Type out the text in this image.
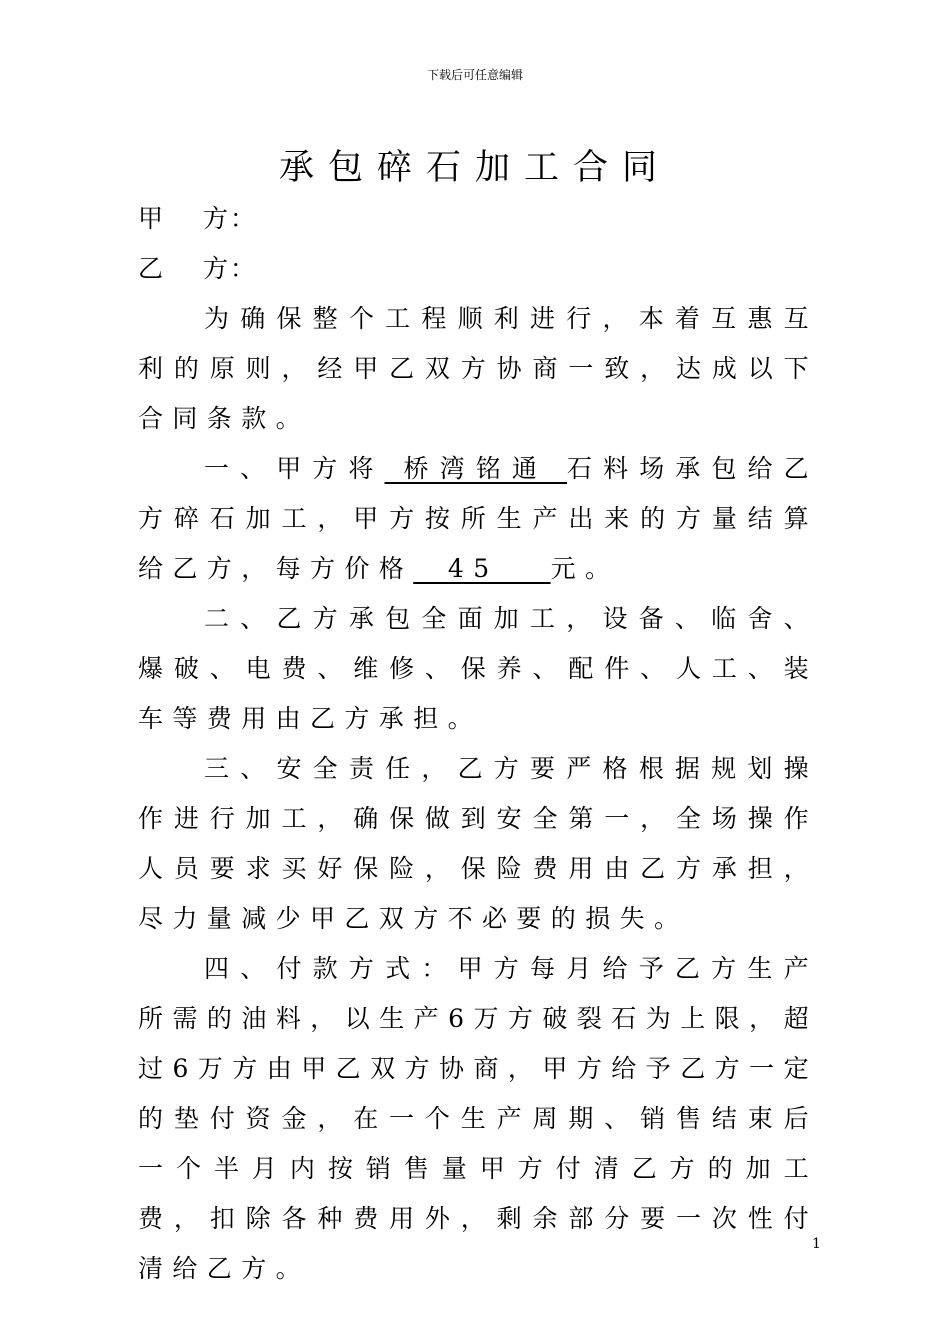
下载后可任意编辑
承包碎石加工合同

甲 方：

乙 方：

为确保整个工程顺利进行，本着互惠互利的原则，经甲乙双方协商一致，达成以下合同条款。

一、甲方将 桥湾铭通 石料场承包给乙方碎石加工，甲方按所生产出来的方量结算给乙方，每方价格  45   元。

二、乙方承包全面加工，设备、临舍、爆破、电费、维修、保养、配件、人工、装车等费用由乙方承担。

三、安全责任，乙方要严格根据规划操作进行加工，确保做到安全第一，全场操作人员要求买好保险，保险费用由乙方承担，尽力量减少甲乙双方不必要的损失。

四、付款方式：甲方每月给予乙方生产所需的油料，以生产6万方破裂石为上限，超过6万方由甲乙双方协商，甲方给予乙方一定的垫付资金，在一个生产周期、销售结束后一个半月内按销售量甲方付清乙方的加工费，扣除各种费用外，剩余部分要一次性付清给乙方。

1
